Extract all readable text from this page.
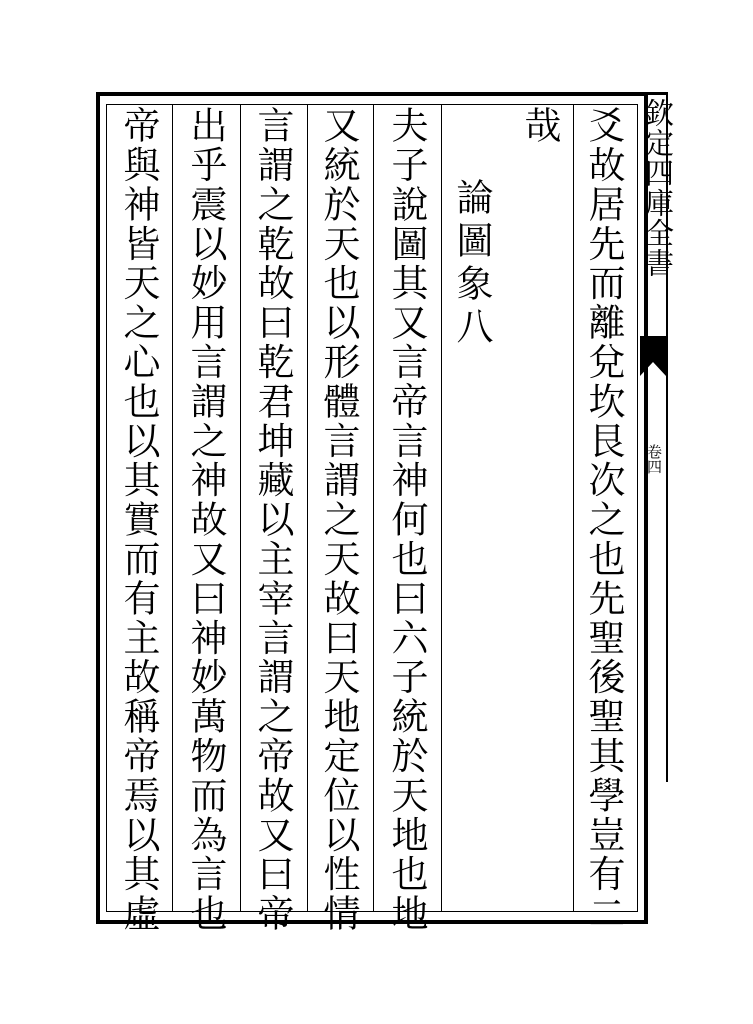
爻故居先而離兌坎艮次之也先聖後聖其學豈有二
哉
論圖象八
夫子說圖其又言帝言神何也曰六子統於天地也地
又統於天也以形體言謂之天故曰天地定位以性情
言謂之乾故曰乾君坤藏以主宰言謂之帝故又曰帝
出乎震以妙用言謂之神故又曰神妙萬物而為言也
帝與神皆天之心也以其實而有主故稱帝焉以其虛	欽定四庫全書
卷四
